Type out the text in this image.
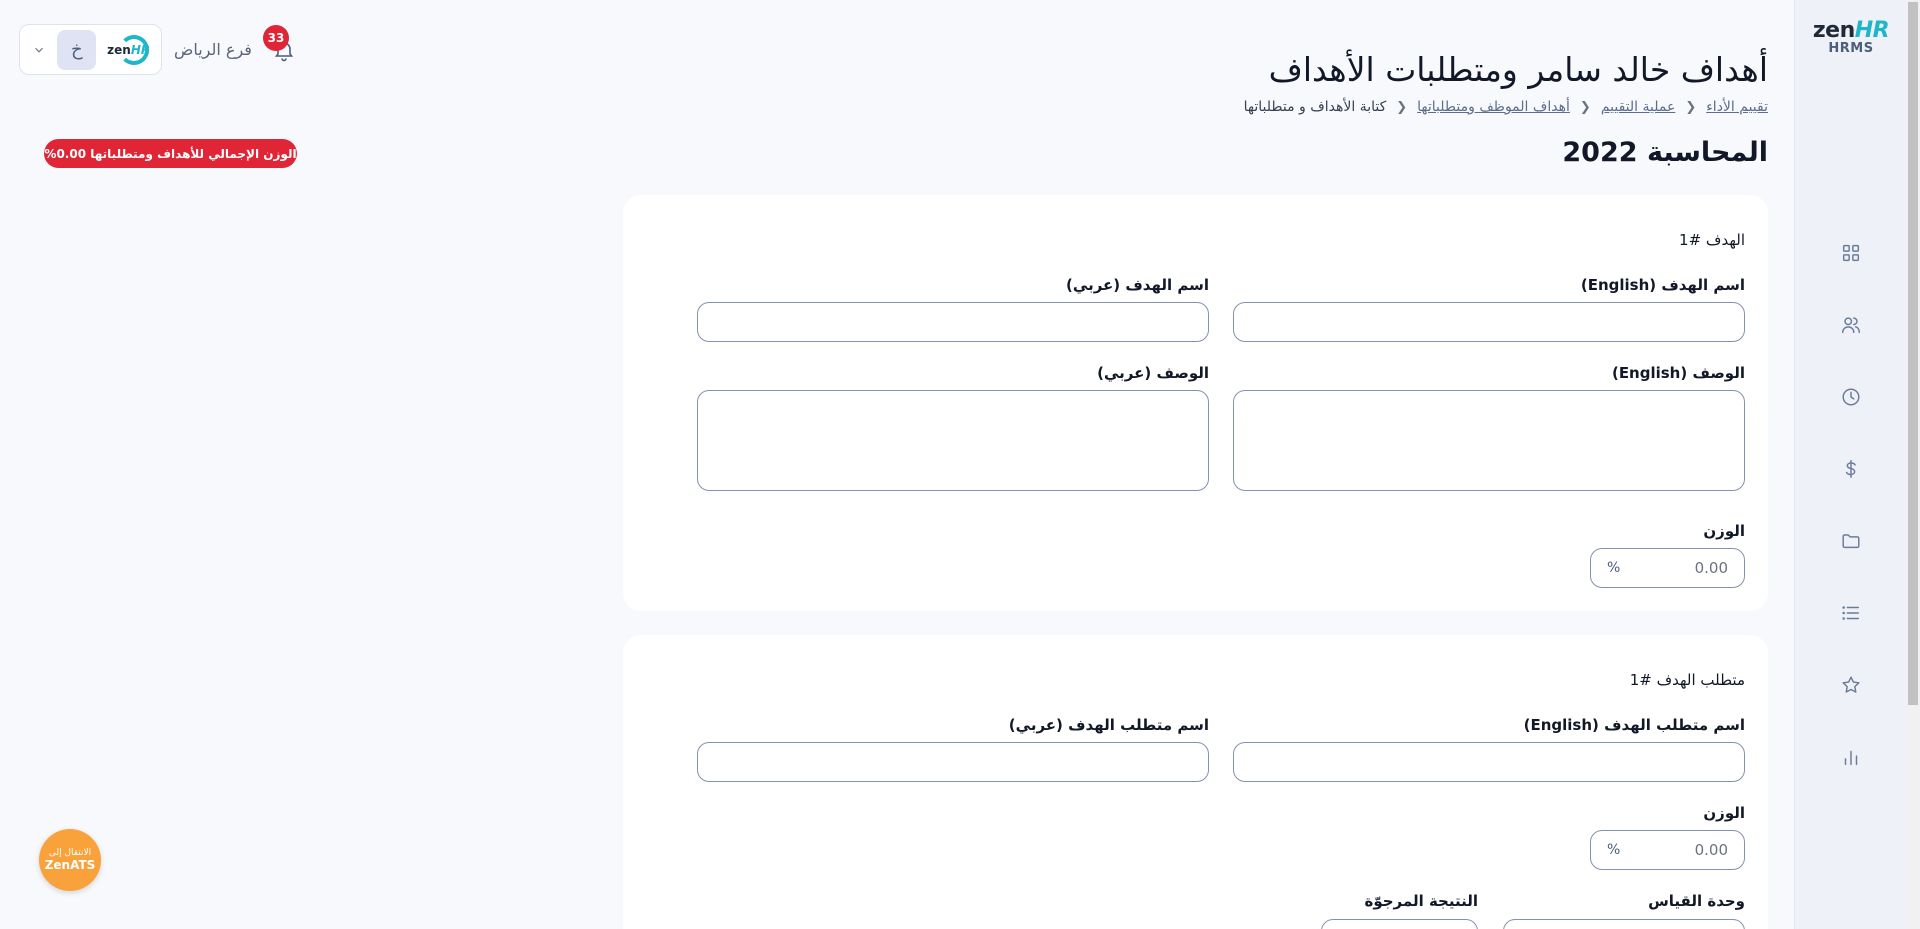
zenHR
HRMS
خ	zenHR فرع الرياض
33
الوزن الإجمالي للأهداف ومتطلباتها 0.00%
أهداف خالد سامر ومتطلبات الأهداف
تقييم الأداء
❮
عملية التقييم
❮
أهداف الموظف ومتطلباتها
❮
كتابة الأهداف و متطلباتها
المحاسبة 2022
الهدف #1
اسم الهدف (English)
اسم الهدف (عربي)
الوصف (English)
الوصف (عربي)
الوزن
%	0.00
متطلب الهدف #1
اسم متطلب الهدف (English)
اسم متطلب الهدف (عربي)
الوزن
%	0.00
وحدة القياس
النتيجة المرجوّة
الانتقال إلى
ZenATS
